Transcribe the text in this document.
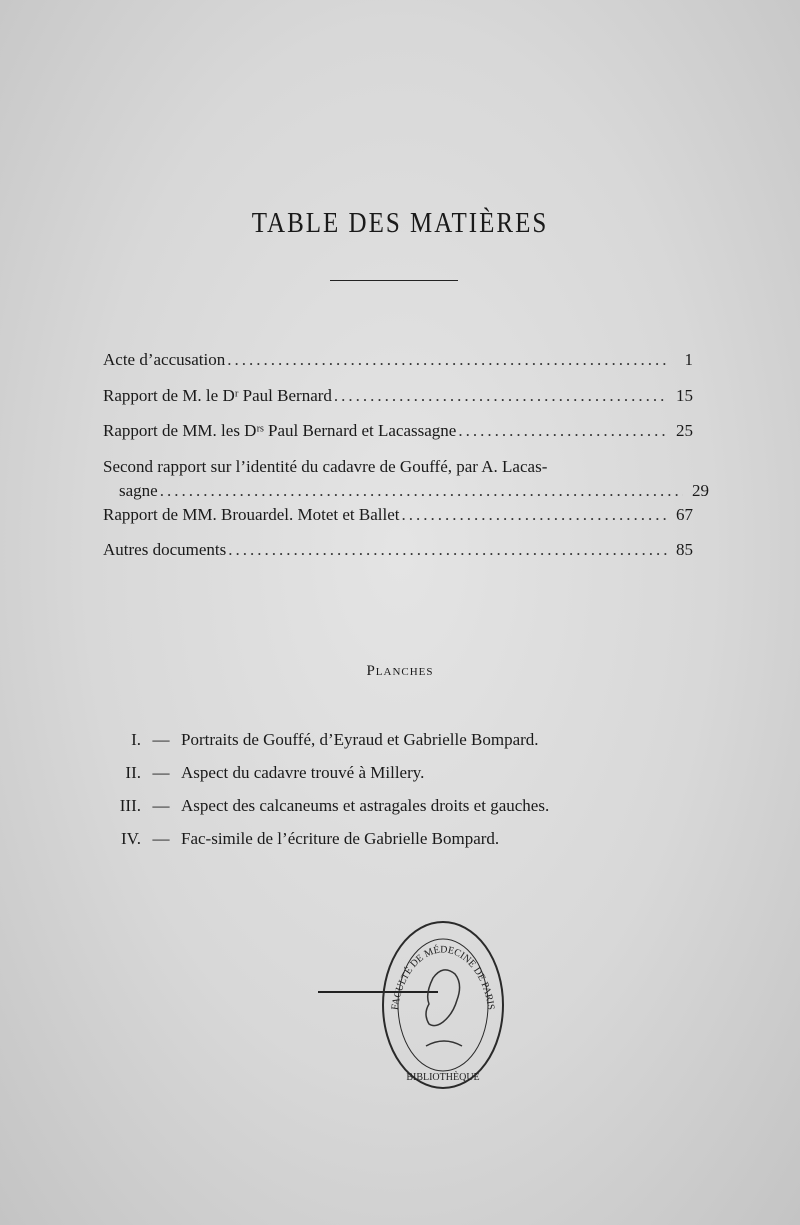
TABLE DES MATIÈRES
Acte d’accusation .....	1
Rapport de M. le Dʳ Paul Bernard .....	15
Rapport de MM. les Dʳˢ Paul Bernard et Lacassagne .....	25
Second rapport sur l’identité du cadavre de Gouffé, par A. Lacas-
sagne .....	29
Rapport de MM. Brouardel. Motet et Ballet .....	67
Autres documents .....	85
Planches
I. — Portraits de Gouffé, d’Eyraud et Gabrielle Bompard.
II. — Aspect du cadavre trouvé à Millery.
III. — Aspect des calcaneums et astragales droits et gauches.
IV. — Fac-simile de l’écriture de Gabrielle Bompard.
BIBLIOTHÈQUE
FACULTÉ DE MÉDECINE DE PARIS
